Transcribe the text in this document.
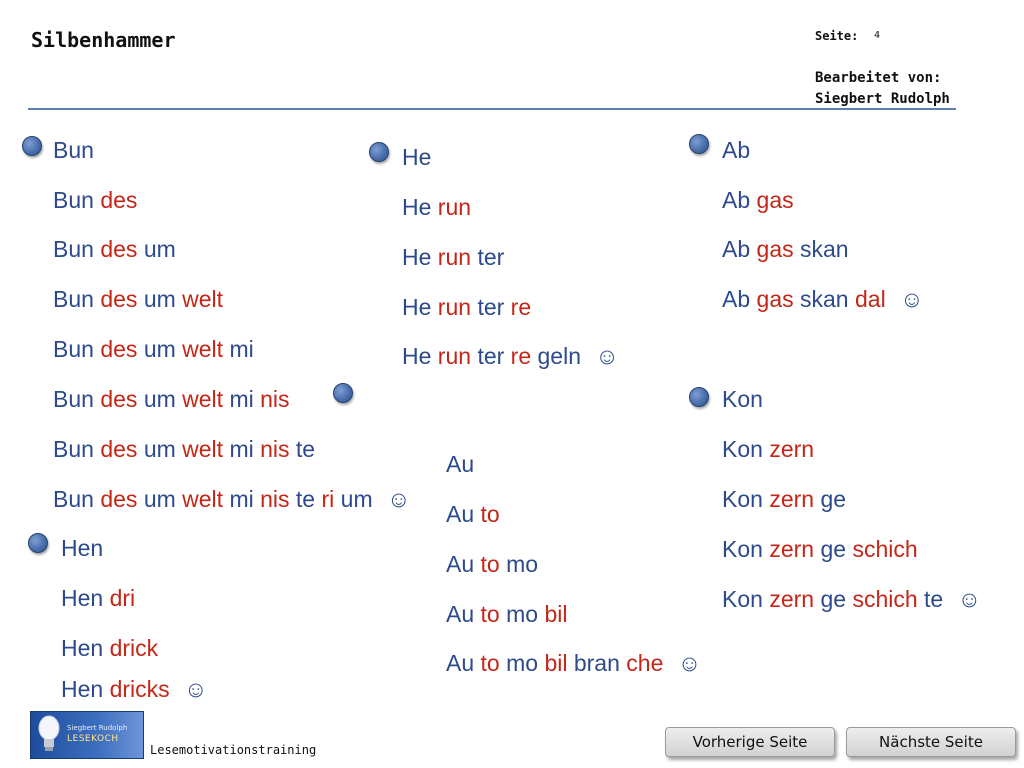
Silbenhammer	Seite: 4
Bearbeitet von:
Siegbert Rudolph
Bun
Bun des
Bun des um
Bun des um welt
Bun des um welt mi
Bun des um welt mi nis
Bun des um welt mi nis te
Bun des um welt mi nis te ri um ☺
Hen
Hen dri
Hen drick
Hen dricks ☺
He
He run
He run ter
He run ter re
He run ter re geln ☺
Au
Au to
Au to mo
Au to mo bil
Au to mo bil bran che ☺
Ab
Ab gas
Ab gas skan
Ab gas skan dal ☺
Kon
Kon zern
Kon zern ge
Kon zern ge schich
Kon zern ge schich te ☺
Siegbert Rudolph
LESEKOCH
Lesemotivationstraining	Vorherige Seite	Nächste Seite
